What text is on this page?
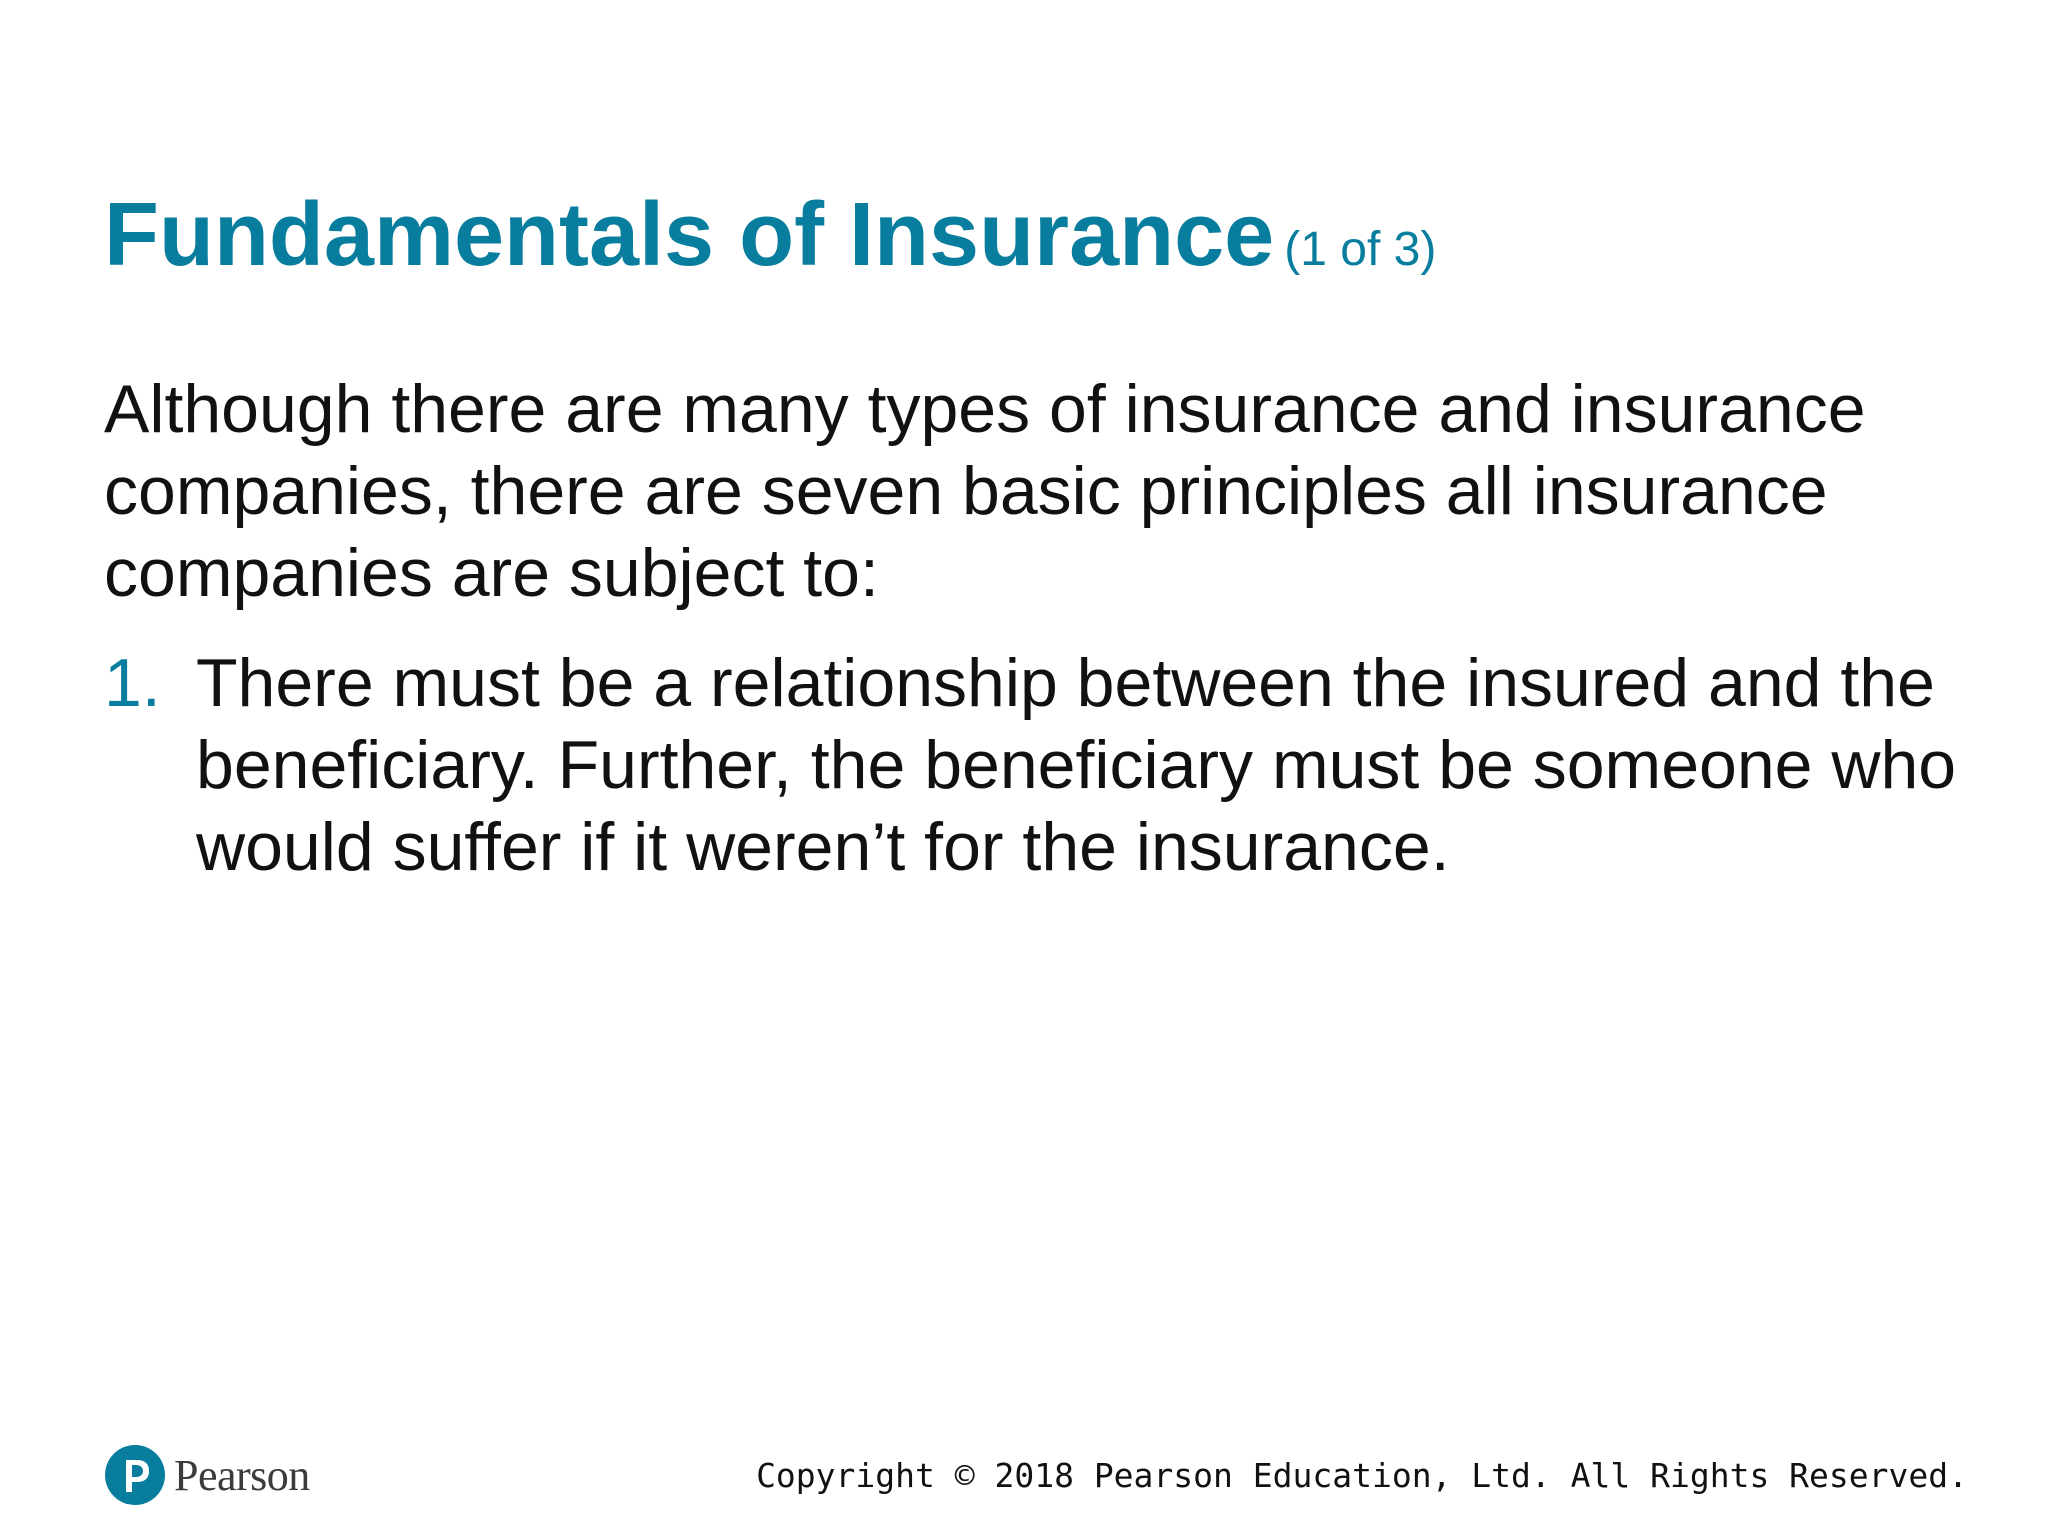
Fundamentals of Insurance (1 of 3)

Although there are many types of insurance and insurance companies, there are seven basic principles all insurance companies are subject to:

1. There must be a relationship between the insured and the beneficiary. Further, the beneficiary must be someone who would suffer if it weren’t for the insurance.
Pearson	Copyright © 2018 Pearson Education, Ltd. All Rights Reserved.
